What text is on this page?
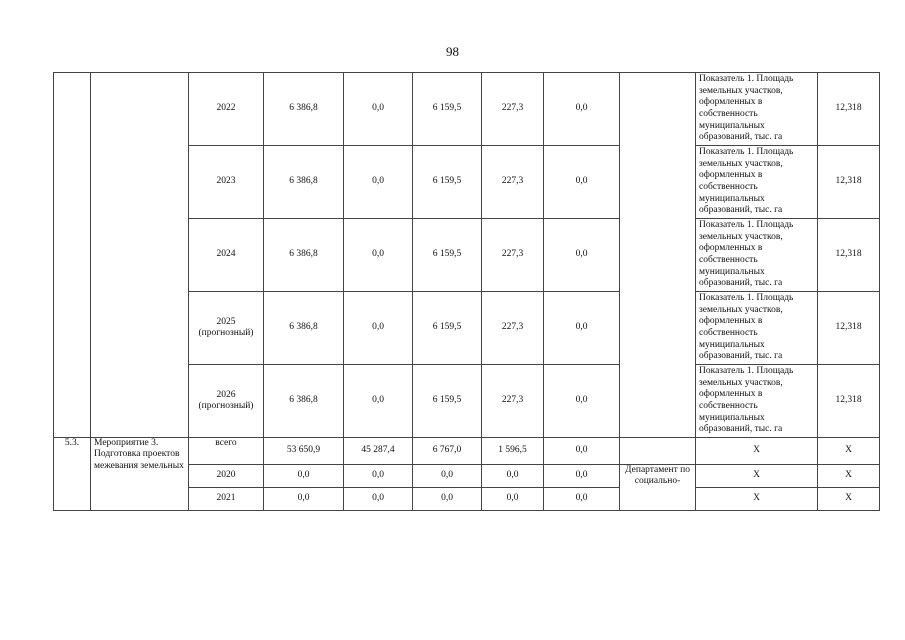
98
		2022	6 386,8	0,0	6 159,5	227,3	0,0		Показатель 1. Площадь земельных участков, оформленных в собственность муниципальных образований, тыс. га	12,318
		2023	6 386,8	0,0	6 159,5	227,3	0,0		Показатель 1. Площадь земельных участков, оформленных в собственность муниципальных образований, тыс. га	12,318
		2024	6 386,8	0,0	6 159,5	227,3	0,0		Показатель 1. Площадь земельных участков, оформленных в собственность муниципальных образований, тыс. га	12,318
		2025 (прогнозный)	6 386,8	0,0	6 159,5	227,3	0,0		Показатель 1. Площадь земельных участков, оформленных в собственность муниципальных образований, тыс. га	12,318
		2026 (прогнозный)	6 386,8	0,0	6 159,5	227,3	0,0		Показатель 1. Площадь земельных участков, оформленных в собственность муниципальных образований, тыс. га	12,318
5.3.	Мероприятие 3. Подготовка проектов межевания земельных	всего	53 650,9	45 287,4	6 767,0	1 596,5	0,0		X	X
		2020	0,0	0,0	0,0	0,0	0,0	Департамент по социально-	X	X
		2021	0,0	0,0	0,0	0,0	0,0		X	X
